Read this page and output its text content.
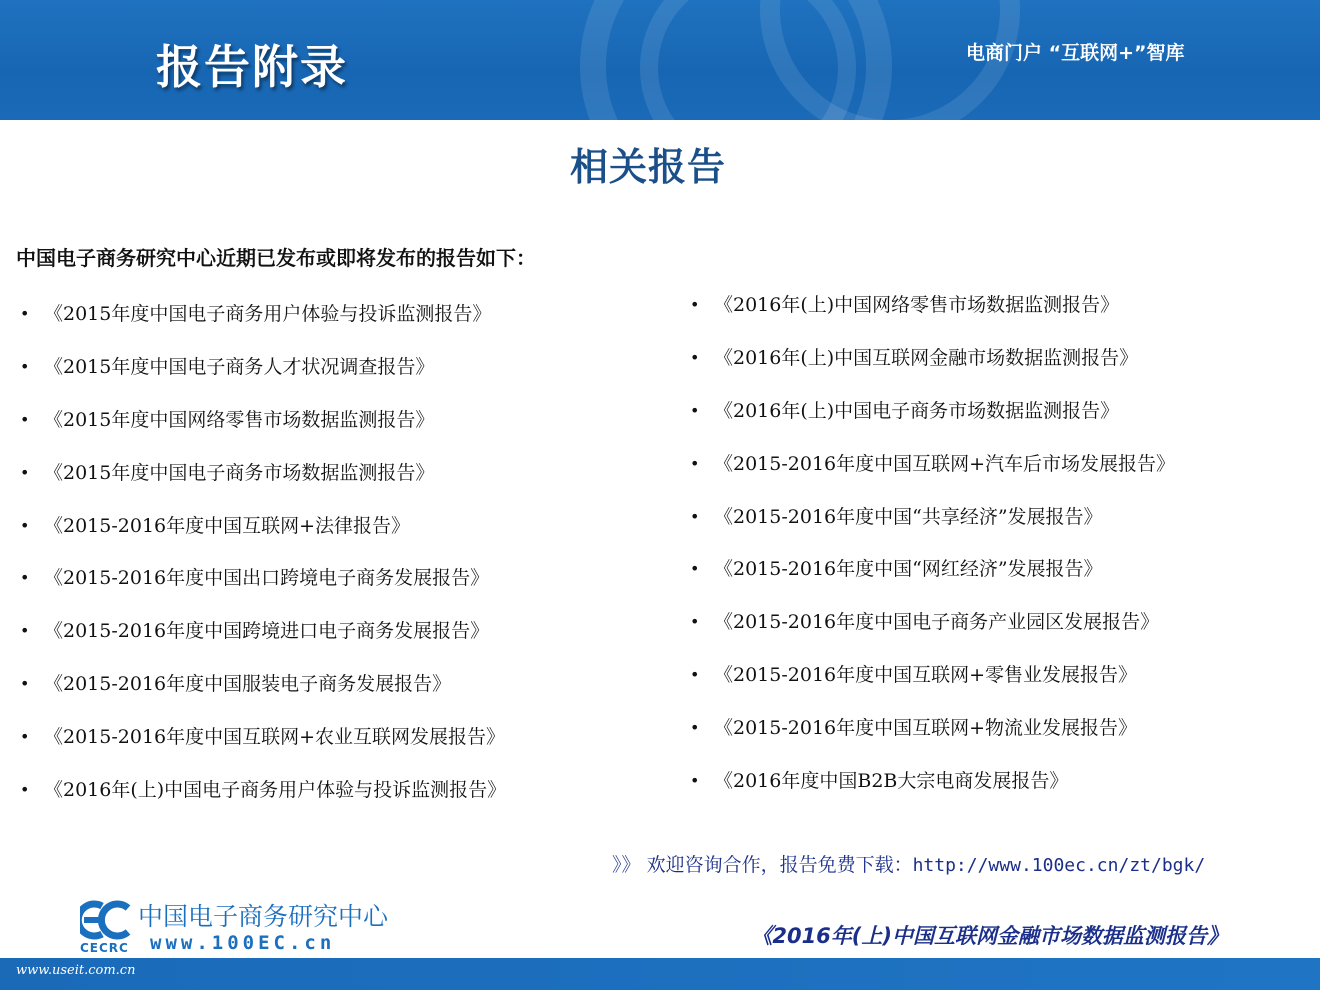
报告附录	电商门户 “互联网+”智库
相关报告
中国电子商务研究中心近期已发布或即将发布的报告如下：
• 《2015年度中国电子商务用户体验与投诉监测报告》
• 《2015年度中国电子商务人才状况调查报告》
• 《2015年度中国网络零售市场数据监测报告》
• 《2015年度中国电子商务市场数据监测报告》
• 《2015-2016年度中国互联网+法律报告》
• 《2015-2016年度中国出口跨境电子商务发展报告》
• 《2015-2016年度中国跨境进口电子商务发展报告》
• 《2015-2016年度中国服装电子商务发展报告》
• 《2015-2016年度中国互联网+农业互联网发展报告》
• 《2016年(上)中国电子商务用户体验与投诉监测报告》
• 《2016年(上)中国网络零售市场数据监测报告》
• 《2016年(上)中国互联网金融市场数据监测报告》
• 《2016年(上)中国电子商务市场数据监测报告》
• 《2015-2016年度中国互联网+汽车后市场发展报告》
• 《2015-2016年度中国“共享经济”发展报告》
• 《2015-2016年度中国“网红经济”发展报告》
• 《2015-2016年度中国电子商务产业园区发展报告》
• 《2015-2016年度中国互联网+零售业发展报告》
• 《2015-2016年度中国互联网+物流业发展报告》
• 《2016年度中国B2B大宗电商发展报告》
》》 欢迎咨询合作，报告免费下载：http://www.100ec.cn/zt/bgk/
CECRC
中国电子商务研究中心
www.100EC.cn	《2016年(上)中国互联网金融市场数据监测报告》
www.useit.com.cn
